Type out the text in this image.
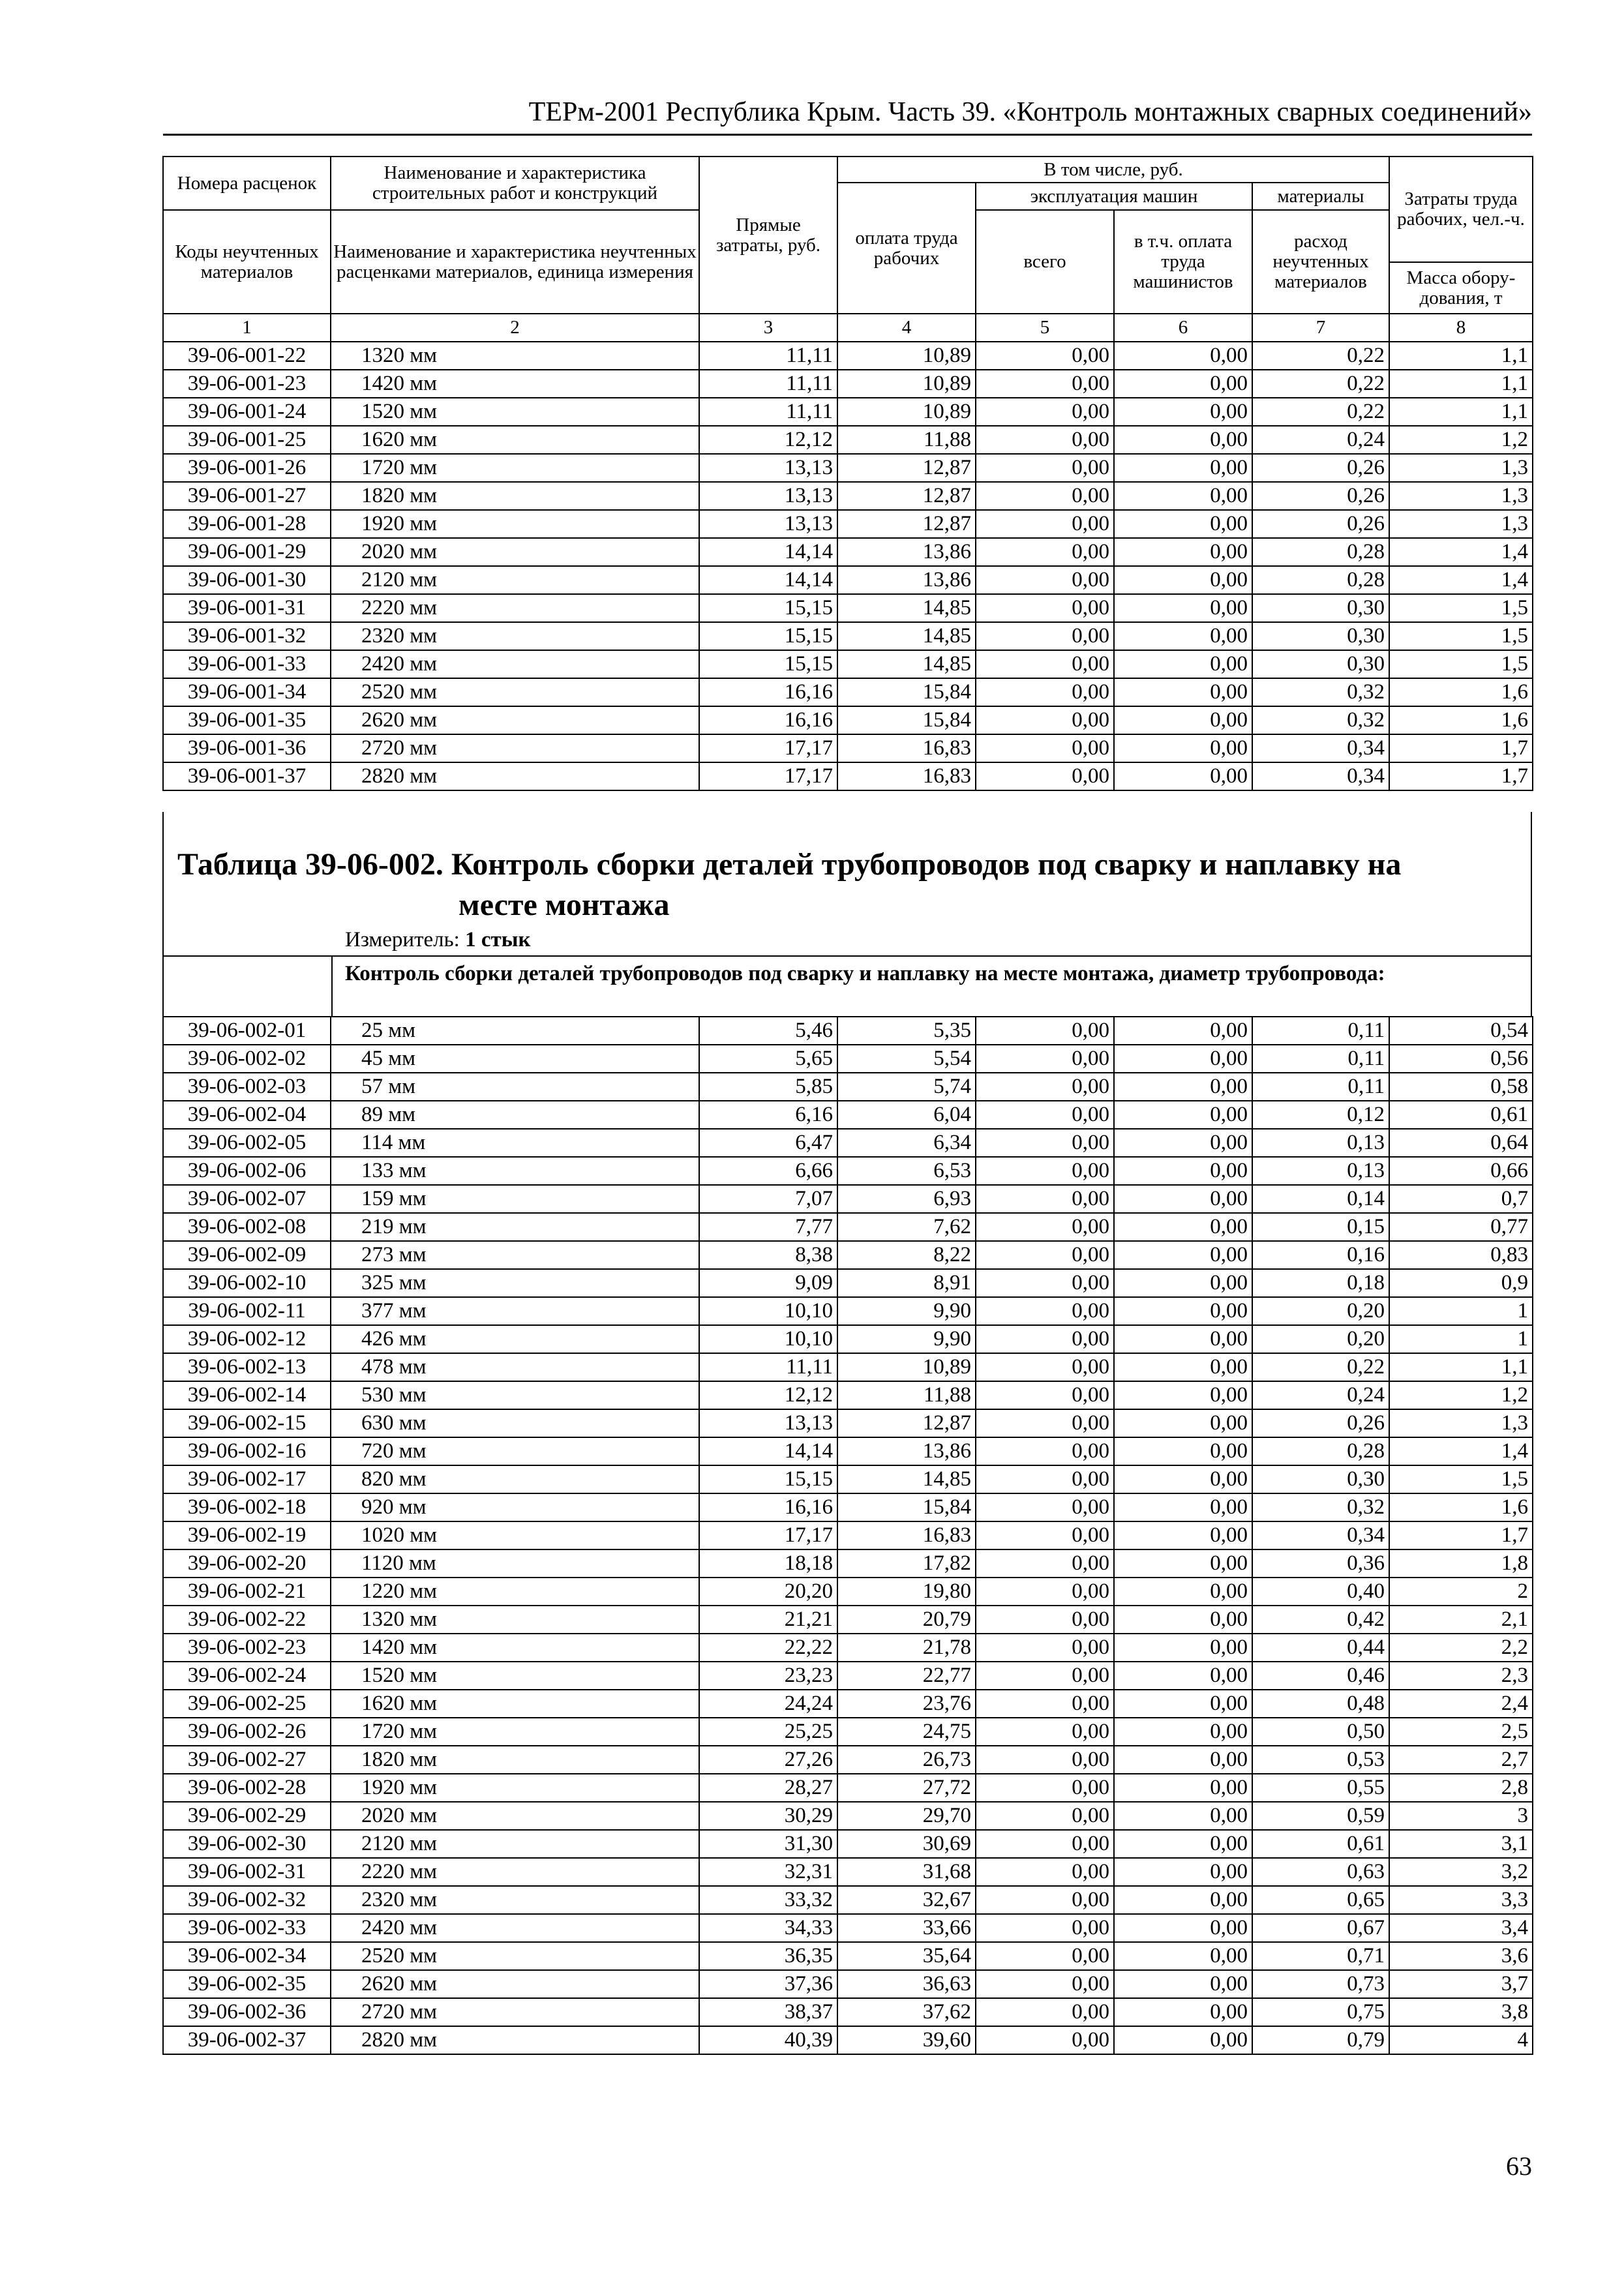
ТЕРм-2001 Республика Крым. Часть 39. «Контроль монтажных сварных соединений»
Номера расценок	Наименование и характеристика строительных работ и конструкций	Прямые затраты, руб.	В том числе, руб.				Затраты труда рабочих, чел.-ч.
			оплата труда рабочих	эксплуатация машин		материалы	
Коды неучтенных материалов	Наименование и характеристика неучтенных расценками материалов, единица измерения			всего	в т.ч. оплата труда машинистов	расход неучтенных материалов	
							Масса обору-дования, т
1	2	3	4	5	6	7	8
39-06-001-22	1320 мм	11,11	10,89	0,00	0,00	0,22	1,1
39-06-001-23	1420 мм	11,11	10,89	0,00	0,00	0,22	1,1
39-06-001-24	1520 мм	11,11	10,89	0,00	0,00	0,22	1,1
39-06-001-25	1620 мм	12,12	11,88	0,00	0,00	0,24	1,2
39-06-001-26	1720 мм	13,13	12,87	0,00	0,00	0,26	1,3
39-06-001-27	1820 мм	13,13	12,87	0,00	0,00	0,26	1,3
39-06-001-28	1920 мм	13,13	12,87	0,00	0,00	0,26	1,3
39-06-001-29	2020 мм	14,14	13,86	0,00	0,00	0,28	1,4
39-06-001-30	2120 мм	14,14	13,86	0,00	0,00	0,28	1,4
39-06-001-31	2220 мм	15,15	14,85	0,00	0,00	0,30	1,5
39-06-001-32	2320 мм	15,15	14,85	0,00	0,00	0,30	1,5
39-06-001-33	2420 мм	15,15	14,85	0,00	0,00	0,30	1,5
39-06-001-34	2520 мм	16,16	15,84	0,00	0,00	0,32	1,6
39-06-001-35	2620 мм	16,16	15,84	0,00	0,00	0,32	1,6
39-06-001-36	2720 мм	17,17	16,83	0,00	0,00	0,34	1,7
39-06-001-37	2820 мм	17,17	16,83	0,00	0,00	0,34	1,7
Таблица 39-06-002. Контроль сборки деталей трубопроводов под сварку и наплавку на
месте монтажа
Измеритель: 1 стык
Контроль сборки деталей трубопроводов под сварку и наплавку на месте монтажа, диаметр трубопровода:
39-06-002-01	25 мм	5,46	5,35	0,00	0,00	0,11	0,54
39-06-002-02	45 мм	5,65	5,54	0,00	0,00	0,11	0,56
39-06-002-03	57 мм	5,85	5,74	0,00	0,00	0,11	0,58
39-06-002-04	89 мм	6,16	6,04	0,00	0,00	0,12	0,61
39-06-002-05	114 мм	6,47	6,34	0,00	0,00	0,13	0,64
39-06-002-06	133 мм	6,66	6,53	0,00	0,00	0,13	0,66
39-06-002-07	159 мм	7,07	6,93	0,00	0,00	0,14	0,7
39-06-002-08	219 мм	7,77	7,62	0,00	0,00	0,15	0,77
39-06-002-09	273 мм	8,38	8,22	0,00	0,00	0,16	0,83
39-06-002-10	325 мм	9,09	8,91	0,00	0,00	0,18	0,9
39-06-002-11	377 мм	10,10	9,90	0,00	0,00	0,20	1
39-06-002-12	426 мм	10,10	9,90	0,00	0,00	0,20	1
39-06-002-13	478 мм	11,11	10,89	0,00	0,00	0,22	1,1
39-06-002-14	530 мм	12,12	11,88	0,00	0,00	0,24	1,2
39-06-002-15	630 мм	13,13	12,87	0,00	0,00	0,26	1,3
39-06-002-16	720 мм	14,14	13,86	0,00	0,00	0,28	1,4
39-06-002-17	820 мм	15,15	14,85	0,00	0,00	0,30	1,5
39-06-002-18	920 мм	16,16	15,84	0,00	0,00	0,32	1,6
39-06-002-19	1020 мм	17,17	16,83	0,00	0,00	0,34	1,7
39-06-002-20	1120 мм	18,18	17,82	0,00	0,00	0,36	1,8
39-06-002-21	1220 мм	20,20	19,80	0,00	0,00	0,40	2
39-06-002-22	1320 мм	21,21	20,79	0,00	0,00	0,42	2,1
39-06-002-23	1420 мм	22,22	21,78	0,00	0,00	0,44	2,2
39-06-002-24	1520 мм	23,23	22,77	0,00	0,00	0,46	2,3
39-06-002-25	1620 мм	24,24	23,76	0,00	0,00	0,48	2,4
39-06-002-26	1720 мм	25,25	24,75	0,00	0,00	0,50	2,5
39-06-002-27	1820 мм	27,26	26,73	0,00	0,00	0,53	2,7
39-06-002-28	1920 мм	28,27	27,72	0,00	0,00	0,55	2,8
39-06-002-29	2020 мм	30,29	29,70	0,00	0,00	0,59	3
39-06-002-30	2120 мм	31,30	30,69	0,00	0,00	0,61	3,1
39-06-002-31	2220 мм	32,31	31,68	0,00	0,00	0,63	3,2
39-06-002-32	2320 мм	33,32	32,67	0,00	0,00	0,65	3,3
39-06-002-33	2420 мм	34,33	33,66	0,00	0,00	0,67	3,4
39-06-002-34	2520 мм	36,35	35,64	0,00	0,00	0,71	3,6
39-06-002-35	2620 мм	37,36	36,63	0,00	0,00	0,73	3,7
39-06-002-36	2720 мм	38,37	37,62	0,00	0,00	0,75	3,8
39-06-002-37	2820 мм	40,39	39,60	0,00	0,00	0,79	4
63
